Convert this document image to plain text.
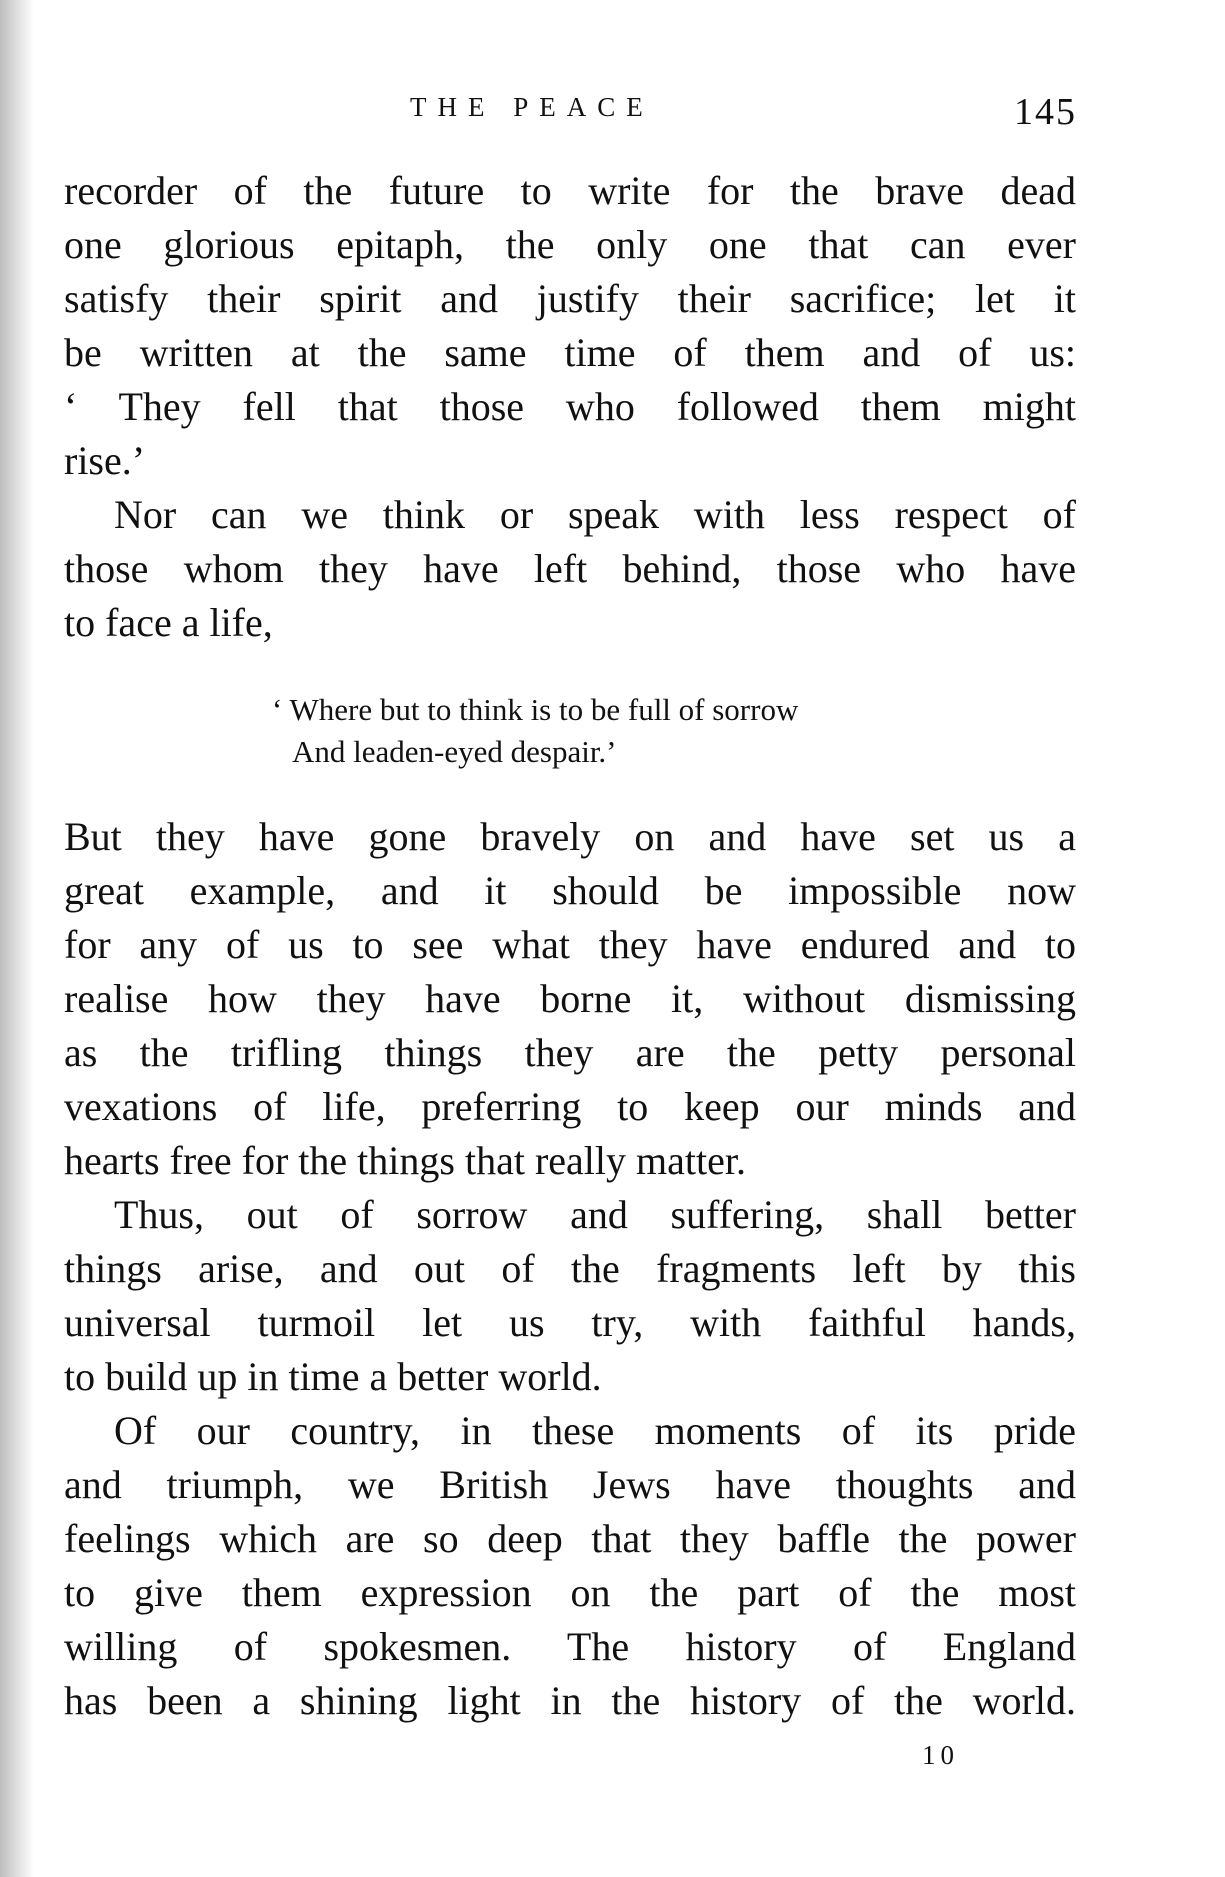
THE PEACE	145
recorder of the future to write for the brave dead
one glorious epitaph, the only one that can ever
satisfy their spirit and justify their sacrifice; let it
be written at the same time of them and of us:
‘ They fell that those who followed them might
rise.’
Nor can we think or speak with less respect of
those whom they have left behind, those who have
to face a life,
‘ Where but to think is to be full of sorrow
And leaden-eyed despair.’
But they have gone bravely on and have set us a
great example, and it should be impossible now
for any of us to see what they have endured and to
realise how they have borne it, without dismissing
as the trifling things they are the petty personal
vexations of life, preferring to keep our minds and
hearts free for the things that really matter.
Thus, out of sorrow and suffering, shall better
things arise, and out of the fragments left by this
universal turmoil let us try, with faithful hands,
to build up in time a better world.
Of our country, in these moments of its pride
and triumph, we British Jews have thoughts and
feelings which are so deep that they baffle the power
to give them expression on the part of the most
willing of spokesmen. The history of England
has been a shining light in the history of the world.
10
